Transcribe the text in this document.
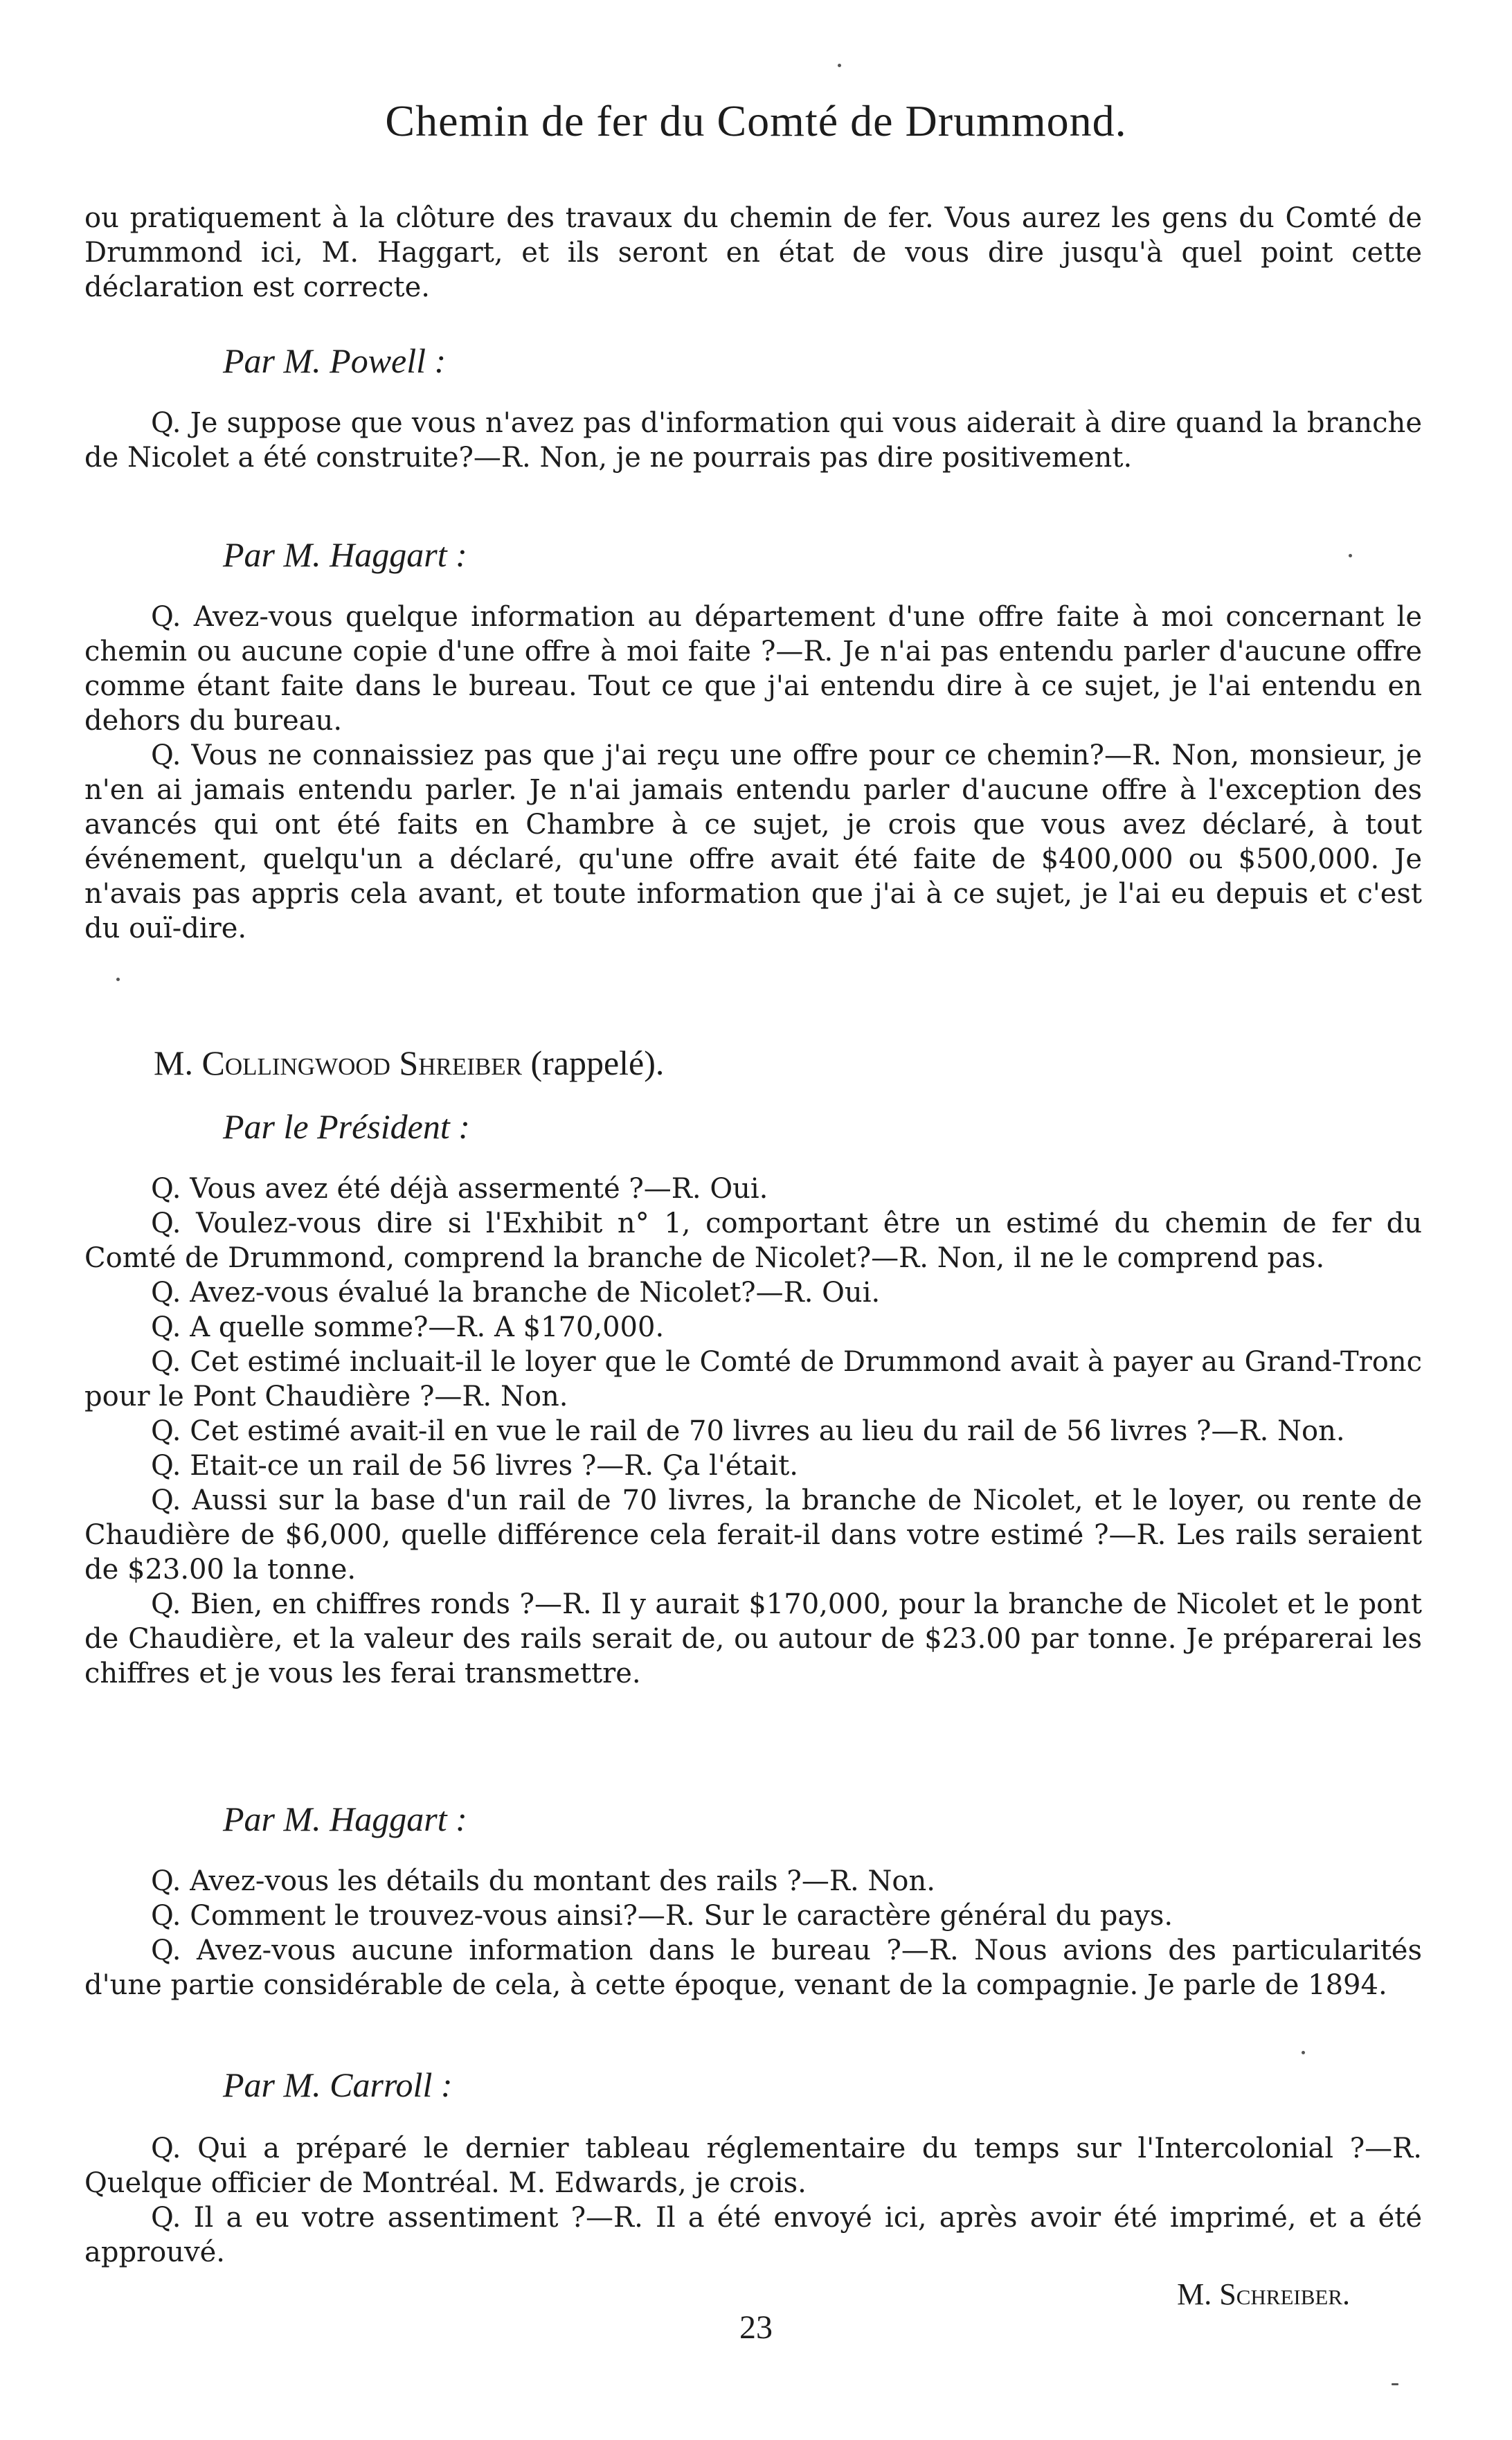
Chemin de fer du Comté de Drummond.

ou pratiquement à la clôture des travaux du chemin de fer. Vous aurez les gens du Comté de Drummond ici, M. Haggart, et ils seront en état de vous dire jusqu'à quel point cette déclaration est correcte.

Par M. Powell :

Q. Je suppose que vous n'avez pas d'information qui vous aiderait à dire quand la branche de Nicolet a été construite?—R. Non, je ne pourrais pas dire positivement.

Par M. Haggart :

Q. Avez-vous quelque information au département d'une offre faite à moi concernant le chemin ou aucune copie d'une offre à moi faite ?—R. Je n'ai pas entendu parler d'aucune offre comme étant faite dans le bureau. Tout ce que j'ai entendu dire à ce sujet, je l'ai entendu en dehors du bureau.

Q. Vous ne connaissiez pas que j'ai reçu une offre pour ce chemin?—R. Non, monsieur, je n'en ai jamais entendu parler. Je n'ai jamais entendu parler d'aucune offre à l'exception des avancés qui ont été faits en Chambre à ce sujet, je crois que vous avez déclaré, à tout événement, quelqu'un a déclaré, qu'une offre avait été faite de $400,000 ou $500,000. Je n'avais pas appris cela avant, et toute information que j'ai à ce sujet, je l'ai eu depuis et c'est du ouï-dire.

M. Collingwood Shreiber (rappelé).
Par le Président :

Q. Vous avez été déjà assermenté ?—R. Oui.

Q. Voulez-vous dire si l'Exhibit n° 1, comportant être un estimé du chemin de fer du Comté de Drummond, comprend la branche de Nicolet?—R. Non, il ne le comprend pas.

Q. Avez-vous évalué la branche de Nicolet?—R. Oui.

Q. A quelle somme?—R. A $170,000.

Q. Cet estimé incluait-il le loyer que le Comté de Drummond avait à payer au Grand-Tronc pour le Pont Chaudière ?—R. Non.

Q. Cet estimé avait-il en vue le rail de 70 livres au lieu du rail de 56 livres ?—R. Non.

Q. Etait-ce un rail de 56 livres ?—R. Ça l'était.

Q. Aussi sur la base d'un rail de 70 livres, la branche de Nicolet, et le loyer, ou rente de Chaudière de $6,000, quelle différence cela ferait-il dans votre estimé ?—R. Les rails seraient de $23.00 la tonne.

Q. Bien, en chiffres ronds ?—R. Il y aurait $170,000, pour la branche de Nicolet et le pont de Chaudière, et la valeur des rails serait de, ou autour de $23.00 par tonne. Je préparerai les chiffres et je vous les ferai transmettre.

Par M. Haggart :

Q. Avez-vous les détails du montant des rails ?—R. Non.

Q. Comment le trouvez-vous ainsi?—R. Sur le caractère général du pays.

Q. Avez-vous aucune information dans le bureau ?—R. Nous avions des particularités d'une partie considérable de cela, à cette époque, venant de la compagnie. Je parle de 1894.

Par M. Carroll :

Q. Qui a préparé le dernier tableau réglementaire du temps sur l'Intercolonial ?—R. Quelque officier de Montréal. M. Edwards, je crois.

Q. Il a eu votre assentiment ?—R. Il a été envoyé ici, après avoir été imprimé, et a été approuvé.

M. Schreiber.
23
